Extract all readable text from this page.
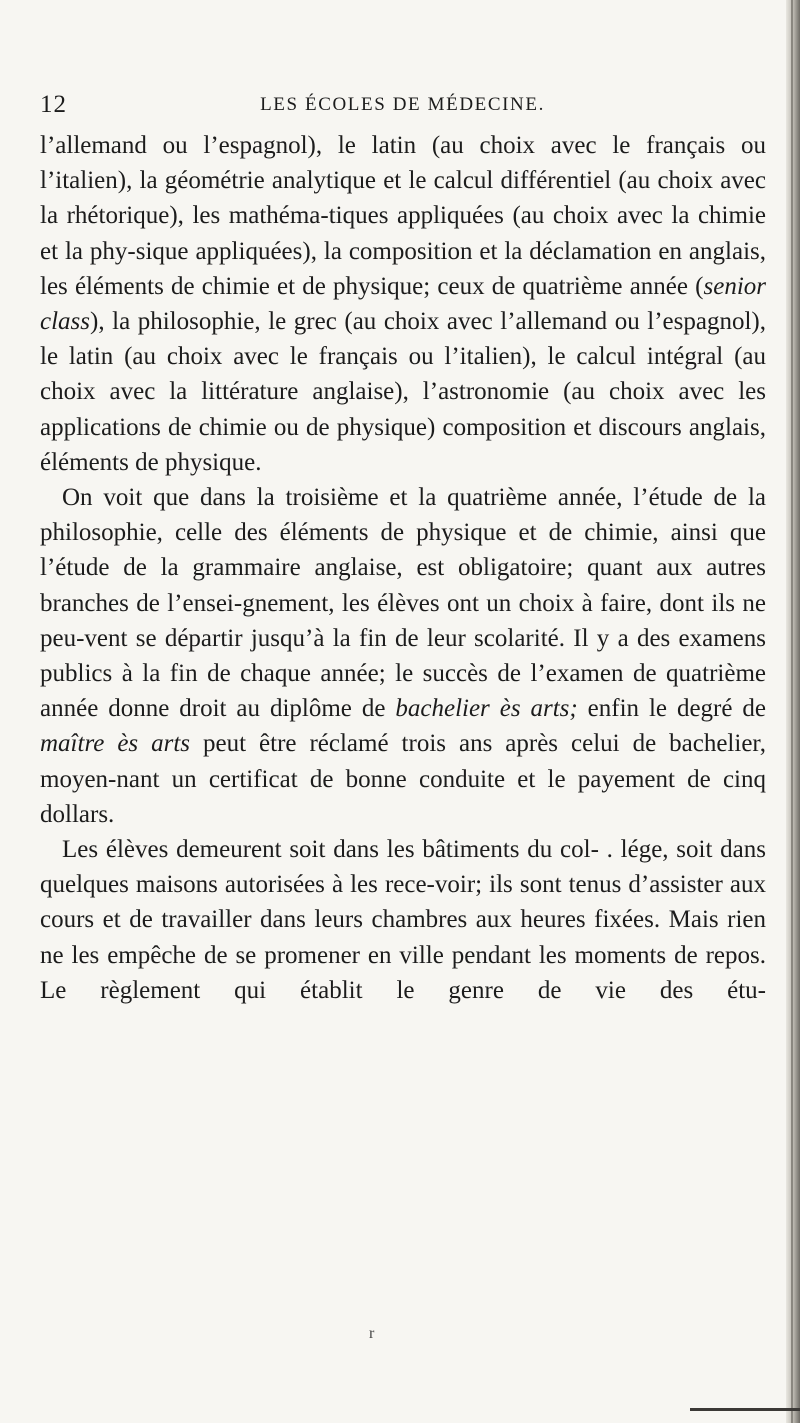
12	LES ÉCOLES DE MÉDECINE.

l’allemand ou l’espagnol), le latin (au choix avec le français ou l’italien), la géométrie analytique et le calcul différentiel (au choix avec la rhétorique), les mathéma-tiques appliquées (au choix avec la chimie et la phy-sique appliquées), la composition et la déclamation en anglais, les éléments de chimie et de physique; ceux de quatrième année (senior class), la philosophie, le grec (au choix avec l’allemand ou l’espagnol), le latin (au choix avec le français ou l’italien), le calcul intégral (au choix avec la littérature anglaise), l’astronomie (au choix avec les applications de chimie ou de physique) composition et discours anglais, éléments de physique.

On voit que dans la troisième et la quatrième année, l’étude de la philosophie, celle des éléments de physique et de chimie, ainsi que l’étude de la grammaire anglaise, est obligatoire; quant aux autres branches de l’ensei-gnement, les élèves ont un choix à faire, dont ils ne peu-vent se départir jusqu’à la fin de leur scolarité. Il y a des examens publics à la fin de chaque année; le succès de l’examen de quatrième année donne droit au diplôme de bachelier ès arts; enfin le degré de maître ès arts peut être réclamé trois ans après celui de bachelier, moyen-nant un certificat de bonne conduite et le payement de cinq dollars.

Les élèves demeurent soit dans les bâtiments du col- . lége, soit dans quelques maisons autorisées à les rece-voir; ils sont tenus d’assister aux cours et de travailler dans leurs chambres aux heures fixées. Mais rien ne les empêche de se promener en ville pendant les moments de repos. Le règlement qui établit le genre de vie des étu-

r
